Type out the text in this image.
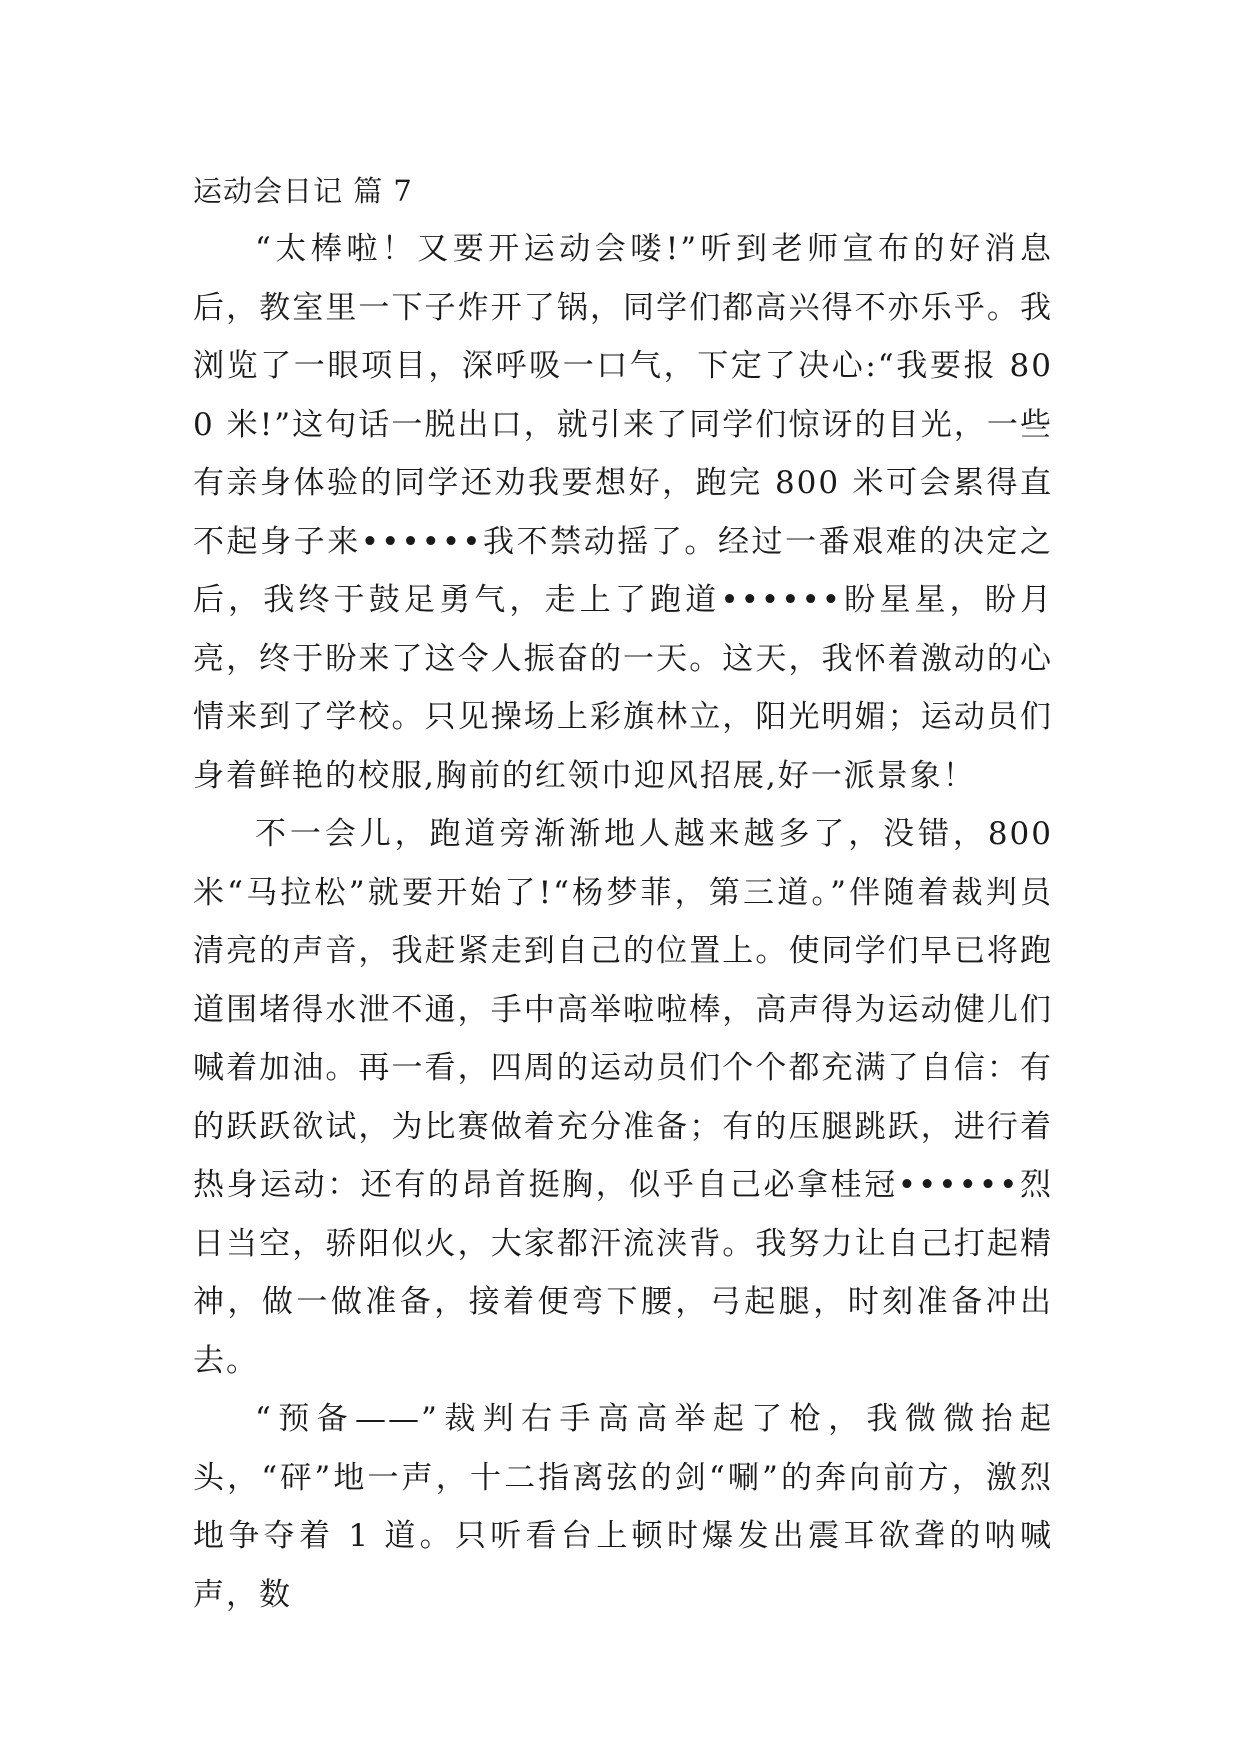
运动会日记 篇 7

“太棒啦！又要开运动会喽!”听到老师宣布的好消息后，教室里一下子炸开了锅，同学们都高兴得不亦乐乎。我浏览了一眼项目，深呼吸一口气，下定了决心:“我要报 800 米!”这句话一脱出口，就引来了同学们惊讶的目光，一些有亲身体验的同学还劝我要想好，跑完 800 米可会累得直不起身子来••••••我不禁动摇了。经过一番艰难的决定之后，我终于鼓足勇气，走上了跑道••••••盼星星，盼月亮，终于盼来了这令人振奋的一天。这天，我怀着激动的心情来到了学校。只见操场上彩旗林立，阳光明媚；运动员们身着鲜艳的校服,胸前的红领巾迎风招展,好一派景象！

不一会儿，跑道旁渐渐地人越来越多了，没错，800 米“马拉松”就要开始了!“杨梦菲，第三道。”伴随着裁判员清亮的声音，我赶紧走到自己的位置上。使同学们早已将跑道围堵得水泄不通，手中高举啦啦棒，高声得为运动健儿们喊着加油。再一看，四周的运动员们个个都充满了自信：有的跃跃欲试，为比赛做着充分准备；有的压腿跳跃，进行着热身运动：还有的昂首挺胸，似乎自己必拿桂冠••••••烈日当空，骄阳似火，大家都汗流浃背。我努力让自己打起精神，做一做准备，接着便弯下腰，弓起腿，时刻准备冲出去。

“预备——”裁判右手高高举起了枪，我微微抬起头，“砰”地一声，十二指离弦的剑“唰”的奔向前方，激烈地争夺着 1 道。只听看台上顿时爆发出震耳欲聋的呐喊声，数
